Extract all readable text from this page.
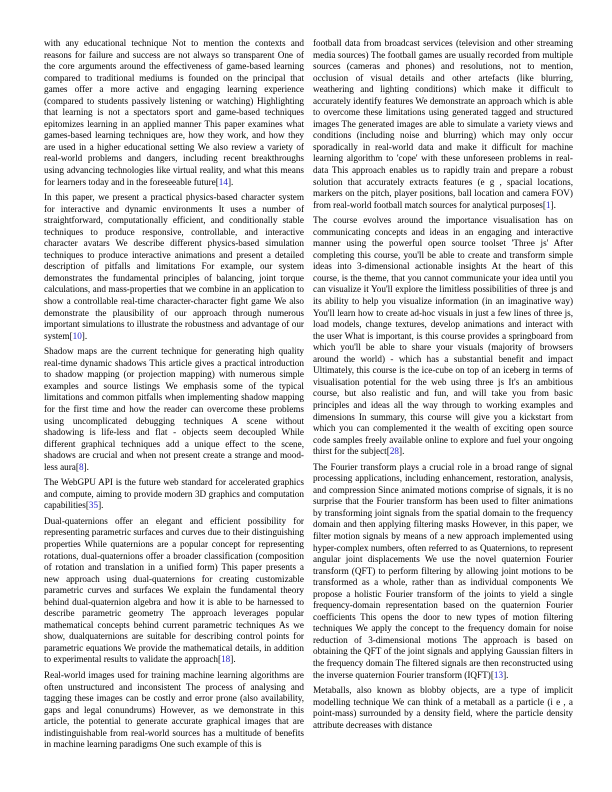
with any educational technique Not to mention the contexts and reasons for failure and success are not always so transparent One of the core arguments around the effectiveness of game-based learning compared to traditional mediums is founded on the principal that games offer a more active and engaging learning experience (compared to students passively listening or watching) Highlighting that learning is not a spectators sport and game-based techniques epitomizes learning in an applied manner This paper examines what games-based learning techniques are, how they work, and how they are used in a higher educational setting We also review a variety of real-world problems and dangers, including recent breakthroughs using advancing technologies like virtual reality, and what this means for learners today and in the foreseeable future[14].

In this paper, we present a practical physics-based character system for interactive and dynamic environments It uses a number of straightforward, computationally efficient, and conditionally stable techniques to produce responsive, controllable, and interactive character avatars We describe different physics-based simulation techniques to produce interactive animations and present a detailed description of pitfalls and limitations For example, our system demonstrates the fundamental principles of balancing, joint torque calculations, and mass-properties that we combine in an application to show a controllable real-time character-character fight game We also demonstrate the plausibility of our approach through numerous important simulations to illustrate the robustness and advantage of our system[10].

Shadow maps are the current technique for generating high quality real-time dynamic shadows This article gives a practical introduction to shadow mapping (or projection mapping) with numerous simple examples and source listings We emphasis some of the typical limitations and common pitfalls when implementing shadow mapping for the first time and how the reader can overcome these problems using uncomplicated debugging techniques A scene without shadowing is life-less and flat - objects seem decoupled While different graphical techniques add a unique effect to the scene, shadows are crucial and when not present create a strange and mood-less aura[8].

The WebGPU API is the future web standard for accelerated graphics and compute, aiming to provide modern 3D graphics and computation capabilities[35].

Dual-quaternions offer an elegant and efficient possibility for representing parametric surfaces and curves due to their distinguishing properties While quaternions are a popular concept for representing rotations, dual-quaternions offer a broader classification (composition of rotation and translation in a unified form) This paper presents a new approach using dual-quaternions for creating customizable parametric curves and surfaces We explain the fundamental theory behind dual-quaternion algebra and how it is able to be harnessed to describe parametric geometry The approach leverages popular mathematical concepts behind current parametric techniques As we show, dualquaternions are suitable for describing control points for parametric equations We provide the mathematical details, in addition to experimental results to validate the approach[18].

Real-world images used for training machine learning algorithms are often unstructured and inconsistent The process of analysing and tagging these images can be costly and error prone (also availability, gaps and legal conundrums) However, as we demonstrate in this article, the potential to generate accurate graphical images that are indistinguishable from real-world sources has a multitude of benefits in machine learning paradigms One such example of this is

football data from broadcast services (television and other streaming media sources) The football games are usually recorded from multiple sources (cameras and phones) and resolutions, not to mention, occlusion of visual details and other artefacts (like blurring, weathering and lighting conditions) which make it difficult to accurately identify features We demonstrate an approach which is able to overcome these limitations using generated tagged and structured images The generated images are able to simulate a variety views and conditions (including noise and blurring) which may only occur sporadically in real-world data and make it difficult for machine learning algorithm to 'cope' with these unforeseen problems in real-data This approach enables us to rapidly train and prepare a robust solution that accurately extracts features (e g , spacial locations, markers on the pitch, player positions, ball location and camera FOV) from real-world football match sources for analytical purposes[1].

The course evolves around the importance visualisation has on communicating concepts and ideas in an engaging and interactive manner using the powerful open source toolset 'Three js' After completing this course, you'll be able to create and transform simple ideas into 3-dimensional actionable insights At the heart of this course, is the theme, that you cannot communicate your idea until you can visualize it You'll explore the limitless possibilities of three js and its ability to help you visualize information (in an imaginative way) You'll learn how to create ad-hoc visuals in just a few lines of three js, load models, change textures, develop animations and interact with the user What is important, is this course provides a springboard from which you'll be able to share your visuals (majority of browsers around the world) - which has a substantial benefit and impact Ultimately, this course is the ice-cube on top of an iceberg in terms of visualisation potential for the web using three js It's an ambitious course, but also realistic and fun, and will take you from basic principles and ideas all the way through to working examples and dimensions In summary, this course will give you a kickstart from which you can complemented it the wealth of exciting open source code samples freely available online to explore and fuel your ongoing thirst for the subject[28].

The Fourier transform plays a crucial role in a broad range of signal processing applications, including enhancement, restoration, analysis, and compression Since animated motions comprise of signals, it is no surprise that the Fourier transform has been used to filter animations by transforming joint signals from the spatial domain to the frequency domain and then applying filtering masks However, in this paper, we filter motion signals by means of a new approach implemented using hyper-complex numbers, often referred to as Quaternions, to represent angular joint displacements We use the novel quaternion Fourier transform (QFT) to perform filtering by allowing joint motions to be transformed as a whole, rather than as individual components We propose a holistic Fourier transform of the joints to yield a single frequency-domain representation based on the quaternion Fourier coefficients This opens the door to new types of motion filtering techniques We apply the concept to the frequency domain for noise reduction of 3-dimensional motions The approach is based on obtaining the QFT of the joint signals and applying Gaussian filters in the frequency domain The filtered signals are then reconstructed using the inverse quaternion Fourier transform (IQFT)[13].

Metaballs, also known as blobby objects, are a type of implicit modelling technique We can think of a metaball as a particle (i e , a point-mass) surrounded by a density field, where the particle density attribute decreases with distance
